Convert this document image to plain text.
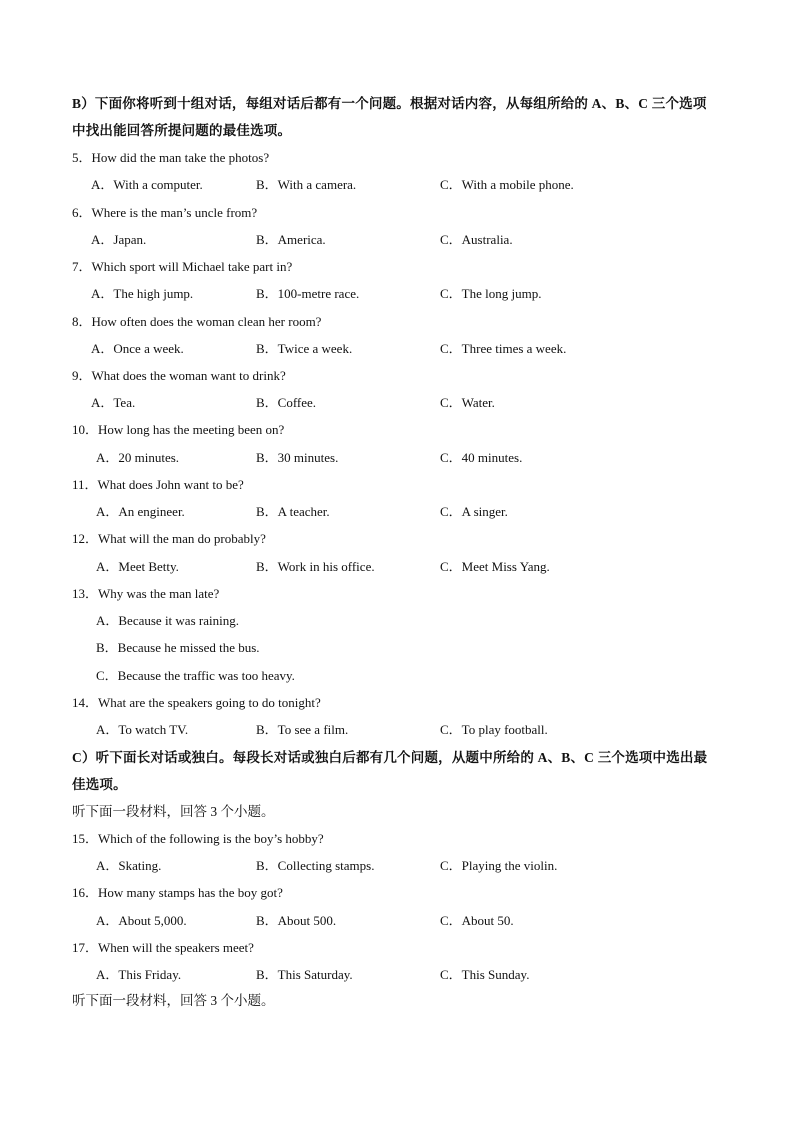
B）下面你将听到十组对话，每组对话后都有一个问题。根据对话内容，从每组所给的 A、B、C 三个选项
中找出能回答所提问题的最佳选项。
5．How did the man take the photos?
A．With a computer.	B．With a camera.	C．With a mobile phone.
6．Where is the man’s uncle from?
A．Japan.	B．America.	C．Australia.
7．Which sport will Michael take part in?
A．The high jump.	B．100-metre race.	C．The long jump.
8．How often does the woman clean her room?
A．Once a week.	B．Twice a week.	C．Three times a week.
9．What does the woman want to drink?
A．Tea.	B．Coffee.	C．Water.
10．How long has the meeting been on?
A．20 minutes.	B．30 minutes.	C．40 minutes.
11．What does John want to be?
A．An engineer.	B．A teacher.	C．A singer.
12．What will the man do probably?
A．Meet Betty.	B．Work in his office.	C．Meet Miss Yang.
13．Why was the man late?
A．Because it was raining.
B．Because he missed the bus.
C．Because the traffic was too heavy.
14．What are the speakers going to do tonight?
A．To watch TV.	B．To see a film.	C．To play football.
C）听下面长对话或独白。每段长对话或独白后都有几个问题，从题中所给的 A、B、C 三个选项中选出最
佳选项。
听下面一段材料，回答 3 个小题。
15．Which of the following is the boy’s hobby?
A．Skating.	B．Collecting stamps.	C．Playing the violin.
16．How many stamps has the boy got?
A．About 5,000.	B．About 500.	C．About 50.
17．When will the speakers meet?
A．This Friday.	B．This Saturday.	C．This Sunday.
听下面一段材料，回答 3 个小题。
